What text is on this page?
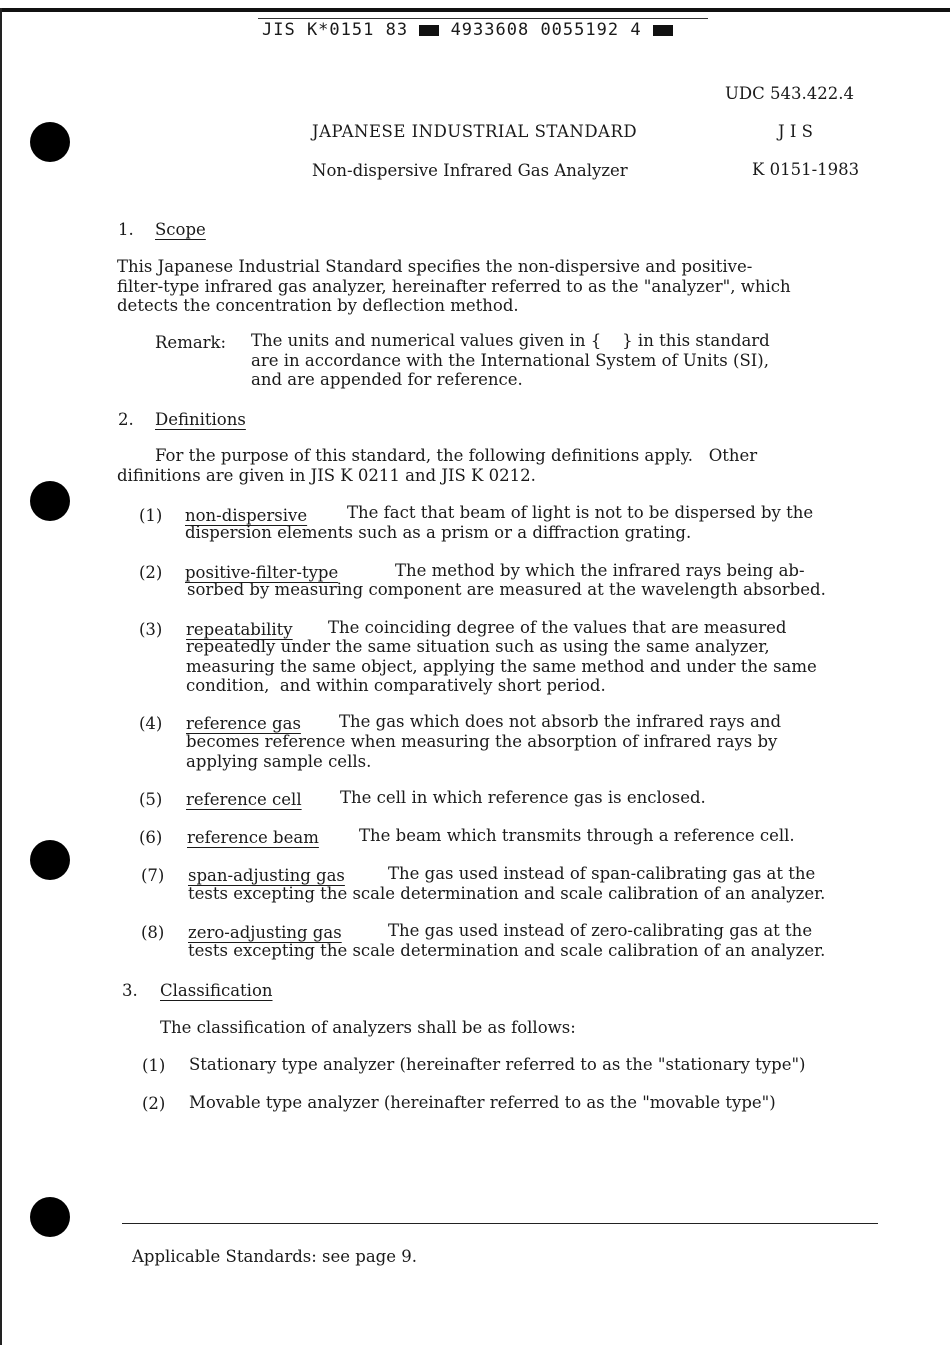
JIS K*0151 83	4933608 0055192 4
UDC 543.422.4
JAPANESE INDUSTRIAL STANDARD	J I S
Non-dispersive Infrared Gas Analyzer	K 0151-1983
1. Scope
This Japanese Industrial Standard specifies the non-dispersive and positive-
filter-type infrared gas analyzer, hereinafter referred to as the "analyzer", which
detects the concentration by deflection method.
Remark: The units and numerical values given in {    } in this standard
are in accordance with the International System of Units (SI),
and are appended for reference.
2. Definitions
For the purpose of this standard, the following definitions apply.   Other
difinitions are given in JIS K 0211 and JIS K 0212.
(1) non-dispersive The fact that beam of light is not to be dispersed by the
dispersion elements such as a prism or a diffraction grating.
(2) positive-filter-type	The method by which the infrared rays being ab-
sorbed by measuring component are measured at the wavelength absorbed.
(3) repeatability The coinciding degree of the values that are measured
repeatedly under the same situation such as using the same analyzer,
measuring the same object, applying the same method and under the same
condition,  and within comparatively short period.
(4) reference gas The gas which does not absorb the infrared rays and
becomes reference when measuring the absorption of infrared rays by
applying sample cells.
(5) reference cell The cell in which reference gas is enclosed.
(6) reference beam The beam which transmits through a reference cell.
(7) span-adjusting gas	The gas used instead of span-calibrating gas at the
tests excepting the scale determination and scale calibration of an analyzer.
(8) zero-adjusting gas	The gas used instead of zero-calibrating gas at the
tests excepting the scale determination and scale calibration of an analyzer.
3. Classification
The classification of analyzers shall be as follows:
(1) Stationary type analyzer (hereinafter referred to as the "stationary type")
(2) Movable type analyzer (hereinafter referred to as the "movable type")
Applicable Standards: see page 9.
